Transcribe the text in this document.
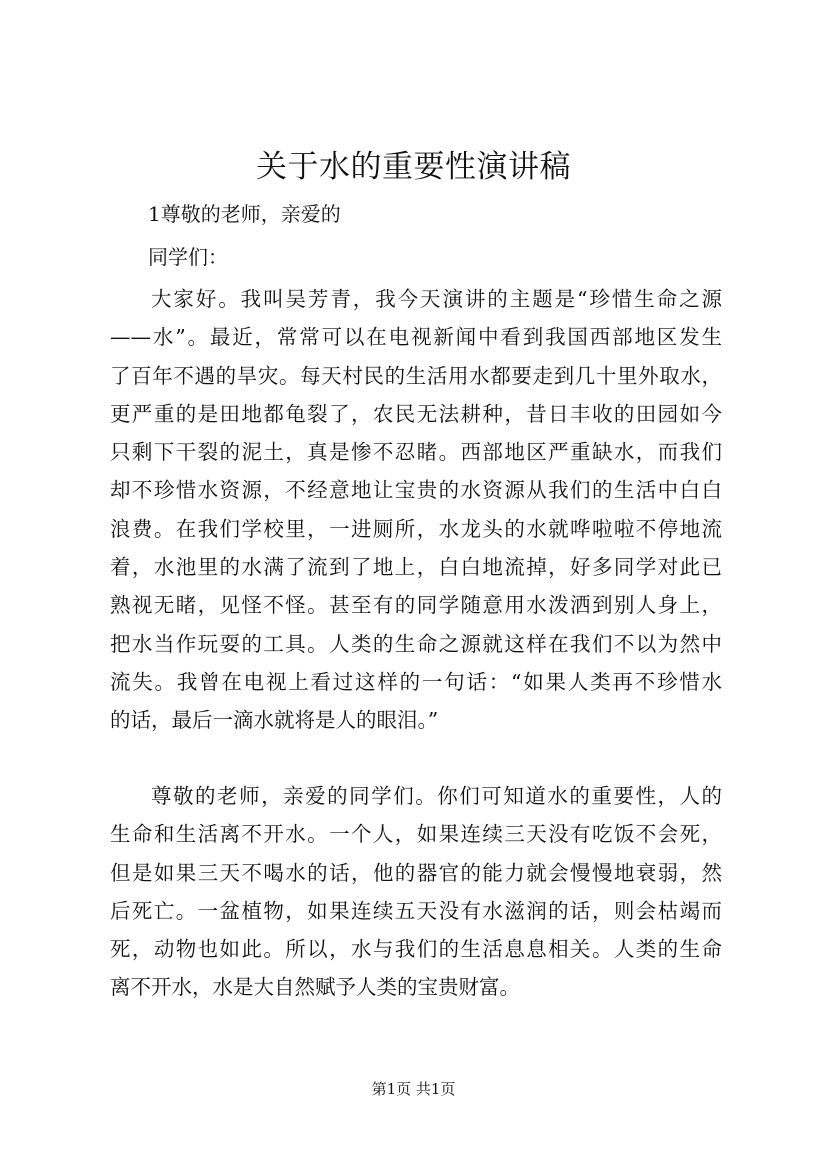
关于水的重要性演讲稿

1尊敬的老师，亲爱的

同学们：

大家好。我叫吴芳青，我今天演讲的主题是“珍惜生命之源
——水”。最近，常常可以在电视新闻中看到我国西部地区发生
了百年不遇的旱灾。每天村民的生活用水都要走到几十里外取水，
更严重的是田地都龟裂了，农民无法耕种，昔日丰收的田园如今
只剩下干裂的泥土，真是惨不忍睹。西部地区严重缺水，而我们
却不珍惜水资源，不经意地让宝贵的水资源从我们的生活中白白
浪费。在我们学校里，一进厕所，水龙头的水就哗啦啦不停地流
着，水池里的水满了流到了地上，白白地流掉，好多同学对此已
熟视无睹，见怪不怪。甚至有的同学随意用水泼洒到别人身上，
把水当作玩耍的工具。人类的生命之源就这样在我们不以为然中
流失。我曾在电视上看过这样的一句话：“如果人类再不珍惜水
的话，最后一滴水就将是人的眼泪。”
尊敬的老师，亲爱的同学们。你们可知道水的重要性，人的
生命和生活离不开水。一个人，如果连续三天没有吃饭不会死，
但是如果三天不喝水的话，他的器官的能力就会慢慢地衰弱，然
后死亡。一盆植物，如果连续五天没有水滋润的话，则会枯竭而
死，动物也如此。所以，水与我们的生活息息相关。人类的生命
离不开水，水是大自然赋予人类的宝贵财富。

第1页 共1页
